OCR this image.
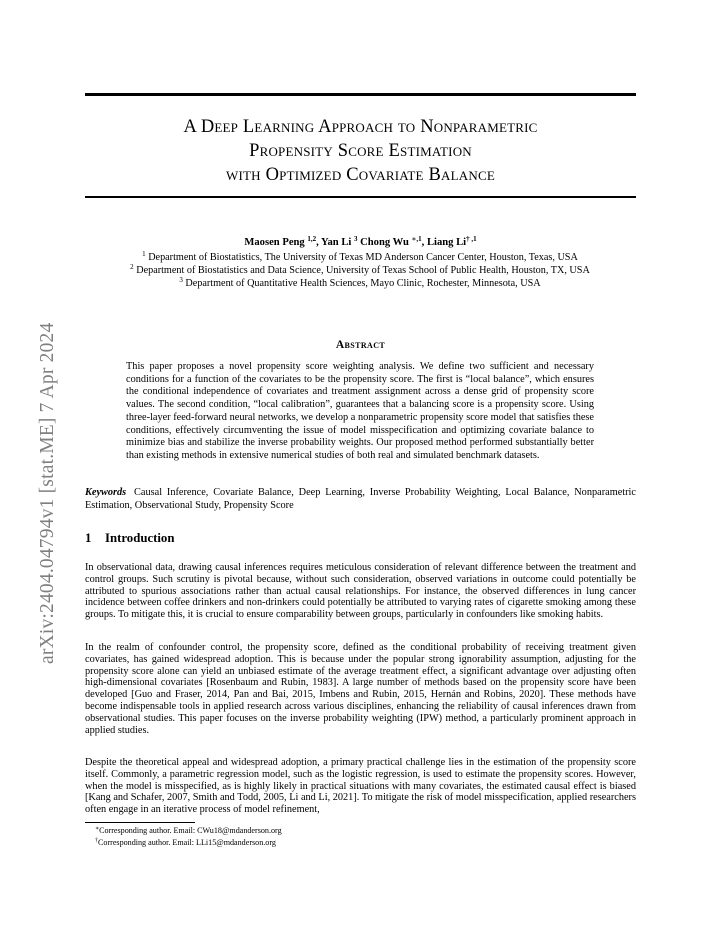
arXiv:2404.04794v1 [stat.ME] 7 Apr 2024
A Deep Learning Approach to Nonparametric
Propensity Score Estimation
with Optimized Covariate Balance
Maosen Peng $^{1,2}$, Yan Li $^3$ Chong Wu $^{∗,1}$, Liang $Li^{\dagger ,1}$
$^1$ Department of Biostatistics, The University of Texas MD Anderson Cancer Center, Houston, Texas, USA
$^2$ Department of Biostatistics and Data Science, University of Texas School of Public Health, Houston, TX, USA
$^3$ Department of Quantitative Health Sciences, Mayo Clinic, Rochester, Minnesota, USA
Abstract
This paper proposes a novel propensity score weighting analysis. We define two sufficient and necessary conditions for a function of the covariates to be the propensity score. The first is “local balance”, which ensures the conditional independence of covariates and treatment assignment across a dense grid of propensity score values. The second condition, “local calibration”, guarantees that a balancing score is a propensity score. Using three-layer feed-forward neural networks, we develop a nonparametric propensity score model that satisfies these conditions, effectively circumventing the issue of model misspecification and optimizing covariate balance to minimize bias and stabilize the inverse probability weights. Our proposed method performed substantially better than existing methods in extensive numerical studies of both real and simulated benchmark datasets.
Keywords Causal Inference, Covariate Balance, Deep Learning, Inverse Probability Weighting, Local Balance, Nonparametric Estimation, Observational Study, Propensity Score
1 Introduction
In observational data, drawing causal inferences requires meticulous consideration of relevant difference between the treatment and control groups. Such scrutiny is pivotal because, without such consideration, observed variations in outcome could potentially be attributed to spurious associations rather than actual causal relationships. For instance, the observed differences in lung cancer incidence between coffee drinkers and non-drinkers could potentially be attributed to varying rates of cigarette smoking among these groups. To mitigate this, it is crucial to ensure comparability between groups, particularly in confounders like smoking habits.
In the realm of confounder control, the propensity score, defined as the conditional probability of receiving treatment given covariates, has gained widespread adoption. This is because under the popular strong ignorability assumption, adjusting for the propensity score alone can yield an unbiased estimate of the average treatment effect, a significant advantage over adjusting often high-dimensional covariates [Rosenbaum and Rubin, 1983]. A large number of methods based on the propensity score have been developed [Guo and Fraser, 2014, Pan and Bai, 2015, Imbens and Rubin, 2015, Hernán and Robins, 2020]. These methods have become indispensable tools in applied research across various disciplines, enhancing the reliability of causal inferences drawn from observational studies. This paper focuses on the inverse probability weighting (IPW) method, a particularly prominent approach in applied studies.
Despite the theoretical appeal and widespread adoption, a primary practical challenge lies in the estimation of the propensity score itself. Commonly, a parametric regression model, such as the logistic regression, is used to estimate the propensity scores. However, when the model is misspecified, as is highly likely in practical situations with many covariates, the estimated causal effect is biased [Kang and Schafer, 2007, Smith and Todd, 2005, Li and Li, 2021]. To mitigate the risk of model misspecification, applied researchers often engage in an iterative process of model refinement,
∗Corresponding author. Email: CWu18@mdanderson.org
†Corresponding author. Email: LLi15@mdanderson.org
